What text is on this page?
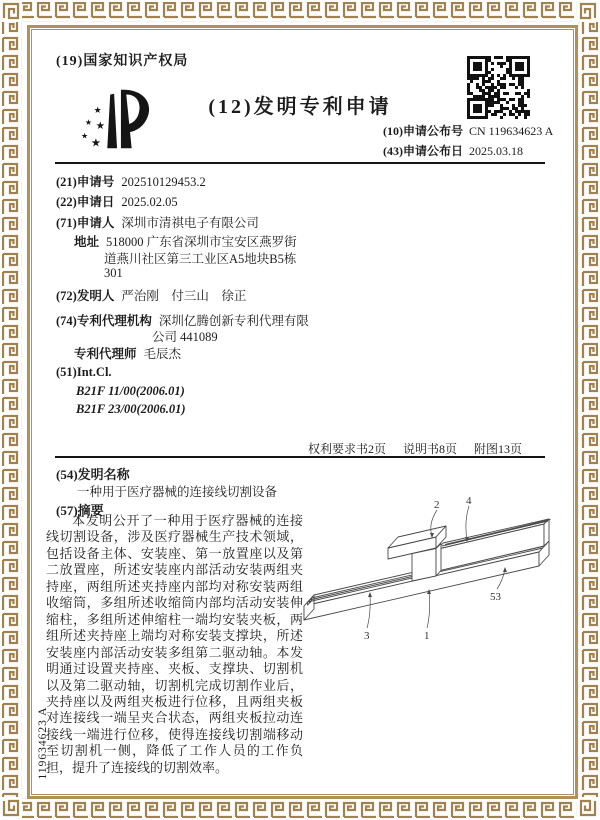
(19)国家知识产权局
★
★ ★
★
★
(12)发明专利申请
(10)申请公布号 CN 119634623 A
(43)申请公布日 2025.03.18
(21)申请号 202510129453.2
(22)申请日 2025.02.05
(71)申请人 深圳市清祺电子有限公司
地址 518000 广东省深圳市宝安区燕罗街
道燕川社区第三工业区A5地块B5栋
301
(72)发明人 严治刚　付三山　徐正
(74)专利代理机构 深圳亿腾创新专利代理有限
公司 441089
专利代理师 毛辰杰
(51)Int.Cl.
B21F 11/00(2006.01)
B21F 23/00(2006.01)
权利要求书2页 说明书8页 附图13页
(54)发明名称
一种用于医疗器械的连接线切割设备
(57)摘要
本发明公开了一种用于医疗器械的连接线切割设备，涉及医疗器械生产技术领域，包括设备主体、安装座、第一放置座以及第二放置座，所述安装座内部活动安装两组夹持座，两组所述夹持座内部均对称安装两组收缩筒，多组所述收缩筒内部均活动安装伸缩柱，多组所述伸缩柱一端均安装夹板，两组所述夹持座上端均对称安装支撑块，所述安装座内部活动安装多组第二驱动轴。本发明通过设置夹持座、夹板、支撑块、切割机以及第二驱动轴，切割机完成切割作业后，夹持座以及两组夹板进行位移，且两组夹板对连接线一端呈夹合状态，两组夹板拉动连接线一端进行位移，使得连接线切割端移动至切割机一侧，降低了工作人员的工作负担，提升了连接线的切割效率。
2 4
53
3	1
119634623 A
